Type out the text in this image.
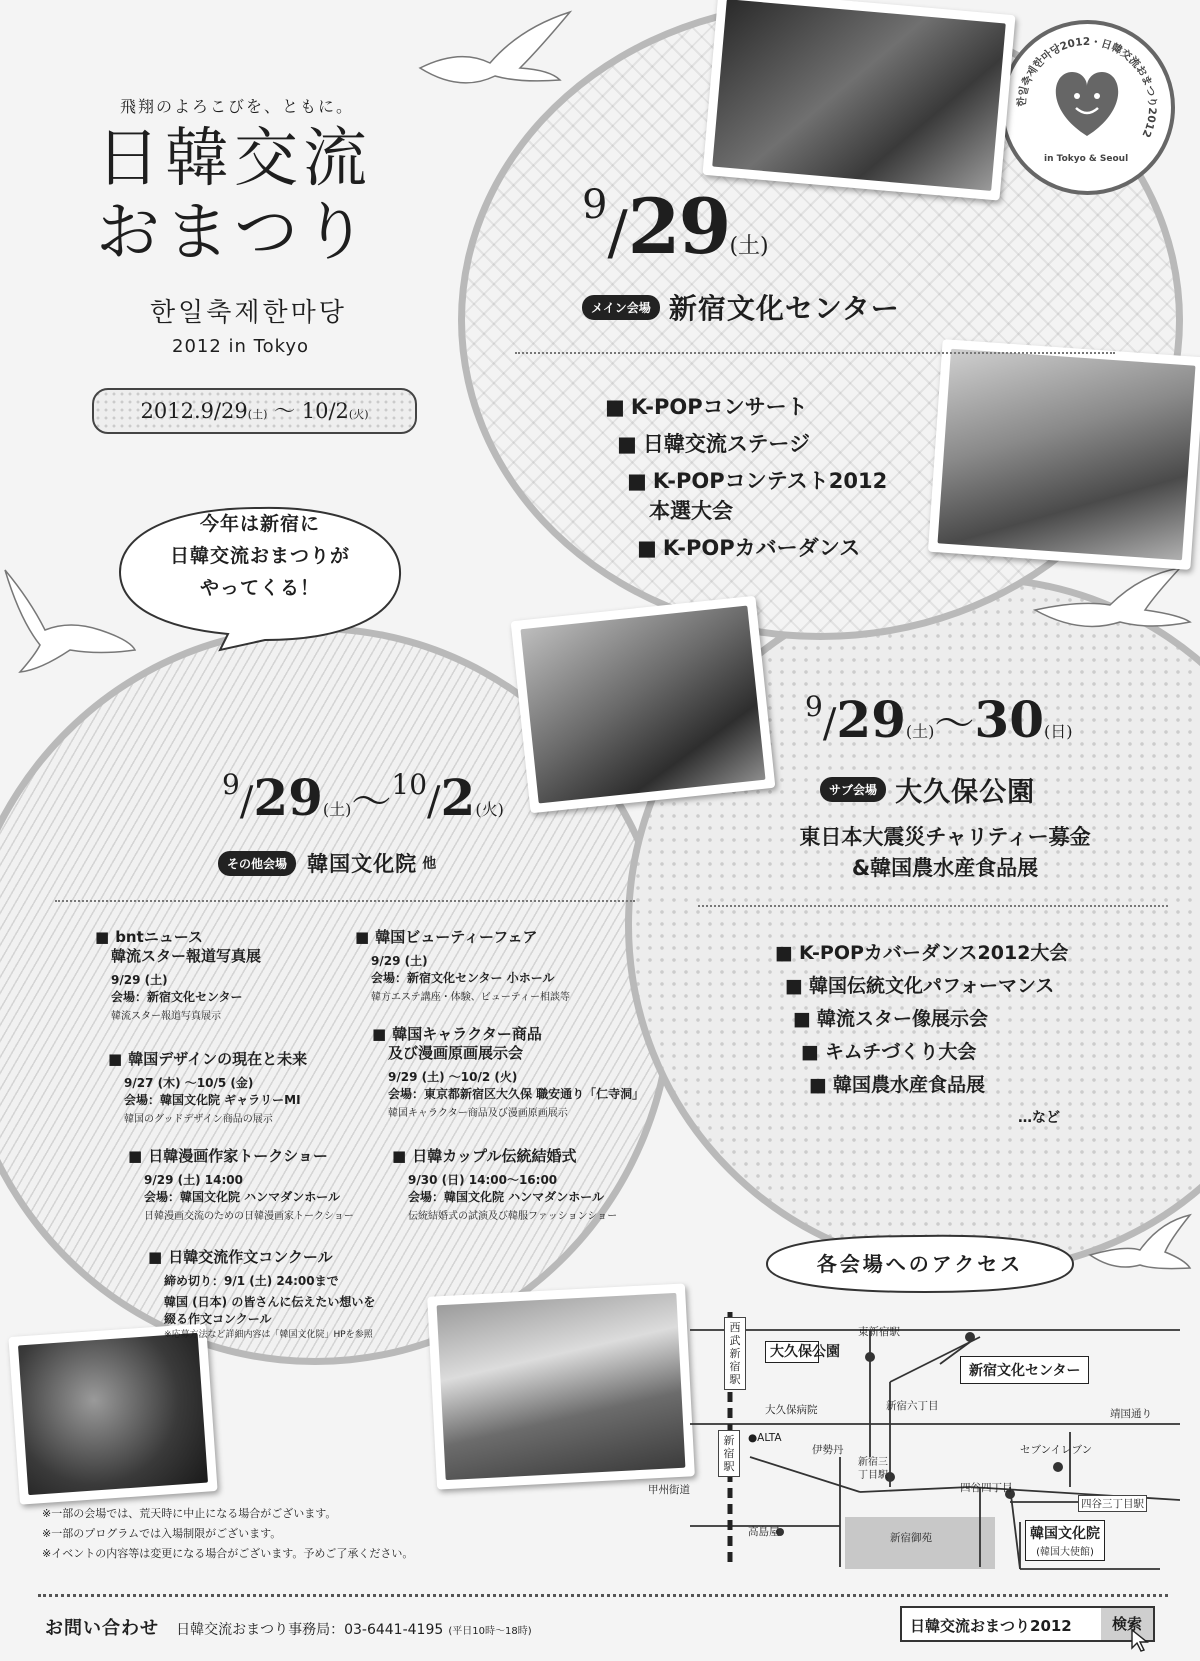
飛翔のよろこびを、ともに。
日韓交流
おまつり
한일축제한마당
2012 in Tokyo
2012.9/29(土) 〜 10/2(火)
今年は新宿に
日韓交流おまつりが
やってくる！
한일축제한마당2012・日韓交流おまつり2012
in Tokyo & Seoul
9/29(土)
メイン会場 新宿文化センター
■ K-POPコンサート
■ 日韓交流ステージ
■ K-POPコンテスト2012
本選大会
■ K-POPカバーダンス
9/29(土)〜30(日)
サブ会場 大久保公園
東日本大震災チャリティー募金
&韓国農水産食品展
■ K-POPカバーダンス2012大会
■ 韓国伝統文化パフォーマンス
■ 韓流スター像展示会
■ キムチづくり大会
■ 韓国農水産食品展
…など
9/29(土)〜10/2(火)
その他会場 韓国文化院 他
■ bntニュース
韓流スター報道写真展
9/29 (土)
会場：新宿文化センター
韓流スター報道写真展示
■ 韓国デザインの現在と未来
9/27 (木) 〜10/5 (金)
会場：韓国文化院 ギャラリーMI
韓国のグッドデザイン商品の展示
■ 日韓漫画作家トークショー
9/29 (土) 14:00
会場：韓国文化院 ハンマダンホール
日韓漫画交流のための日韓漫画家トークショー
■ 日韓交流作文コンクール
締め切り：9/1 (土) 24:00まで
韓国 (日本) の皆さんに伝えたい想いを
綴る作文コンクール
※応募方法など詳細内容は「韓国文化院」HPを参照
■ 韓国ビューティーフェア
9/29 (土)
会場：新宿文化センター 小ホール
韓方エステ講座・体験、ビューティー相談等
■ 韓国キャラクター商品
及び漫画原画展示会
9/29 (土) 〜10/2 (火)
会場：東京都新宿区大久保 職安通り「仁寺洞」
韓国キャラクター商品及び漫画原画展示
■ 日韓カップル伝統結婚式
9/30 (日) 14:00〜16:00
会場：韓国文化院 ハンマダンホール
伝統結婚式の試演及び韓服ファッションショー
各会場へのアクセス
西武新宿駅
新宿駅
東新宿駅
大久保公園
新宿文化センター
大久保病院	新宿六丁目
靖国通り
●ALTA
伊勢丹
新宿三丁目駅
セブンイレブン
四谷四丁目
四谷三丁目駅
甲州街道
高島屋	新宿御苑	韓国文化院
(韓国大使館)
※一部の会場では、荒天時に中止になる場合がございます。
※一部のプログラムでは入場制限がございます。
※イベントの内容等は変更になる場合がございます。予めご了承ください。
お問い合わせ 日韓交流おまつり事務局：03-6441-4195 (平日10時〜18時)	日韓交流おまつり2012	検索
